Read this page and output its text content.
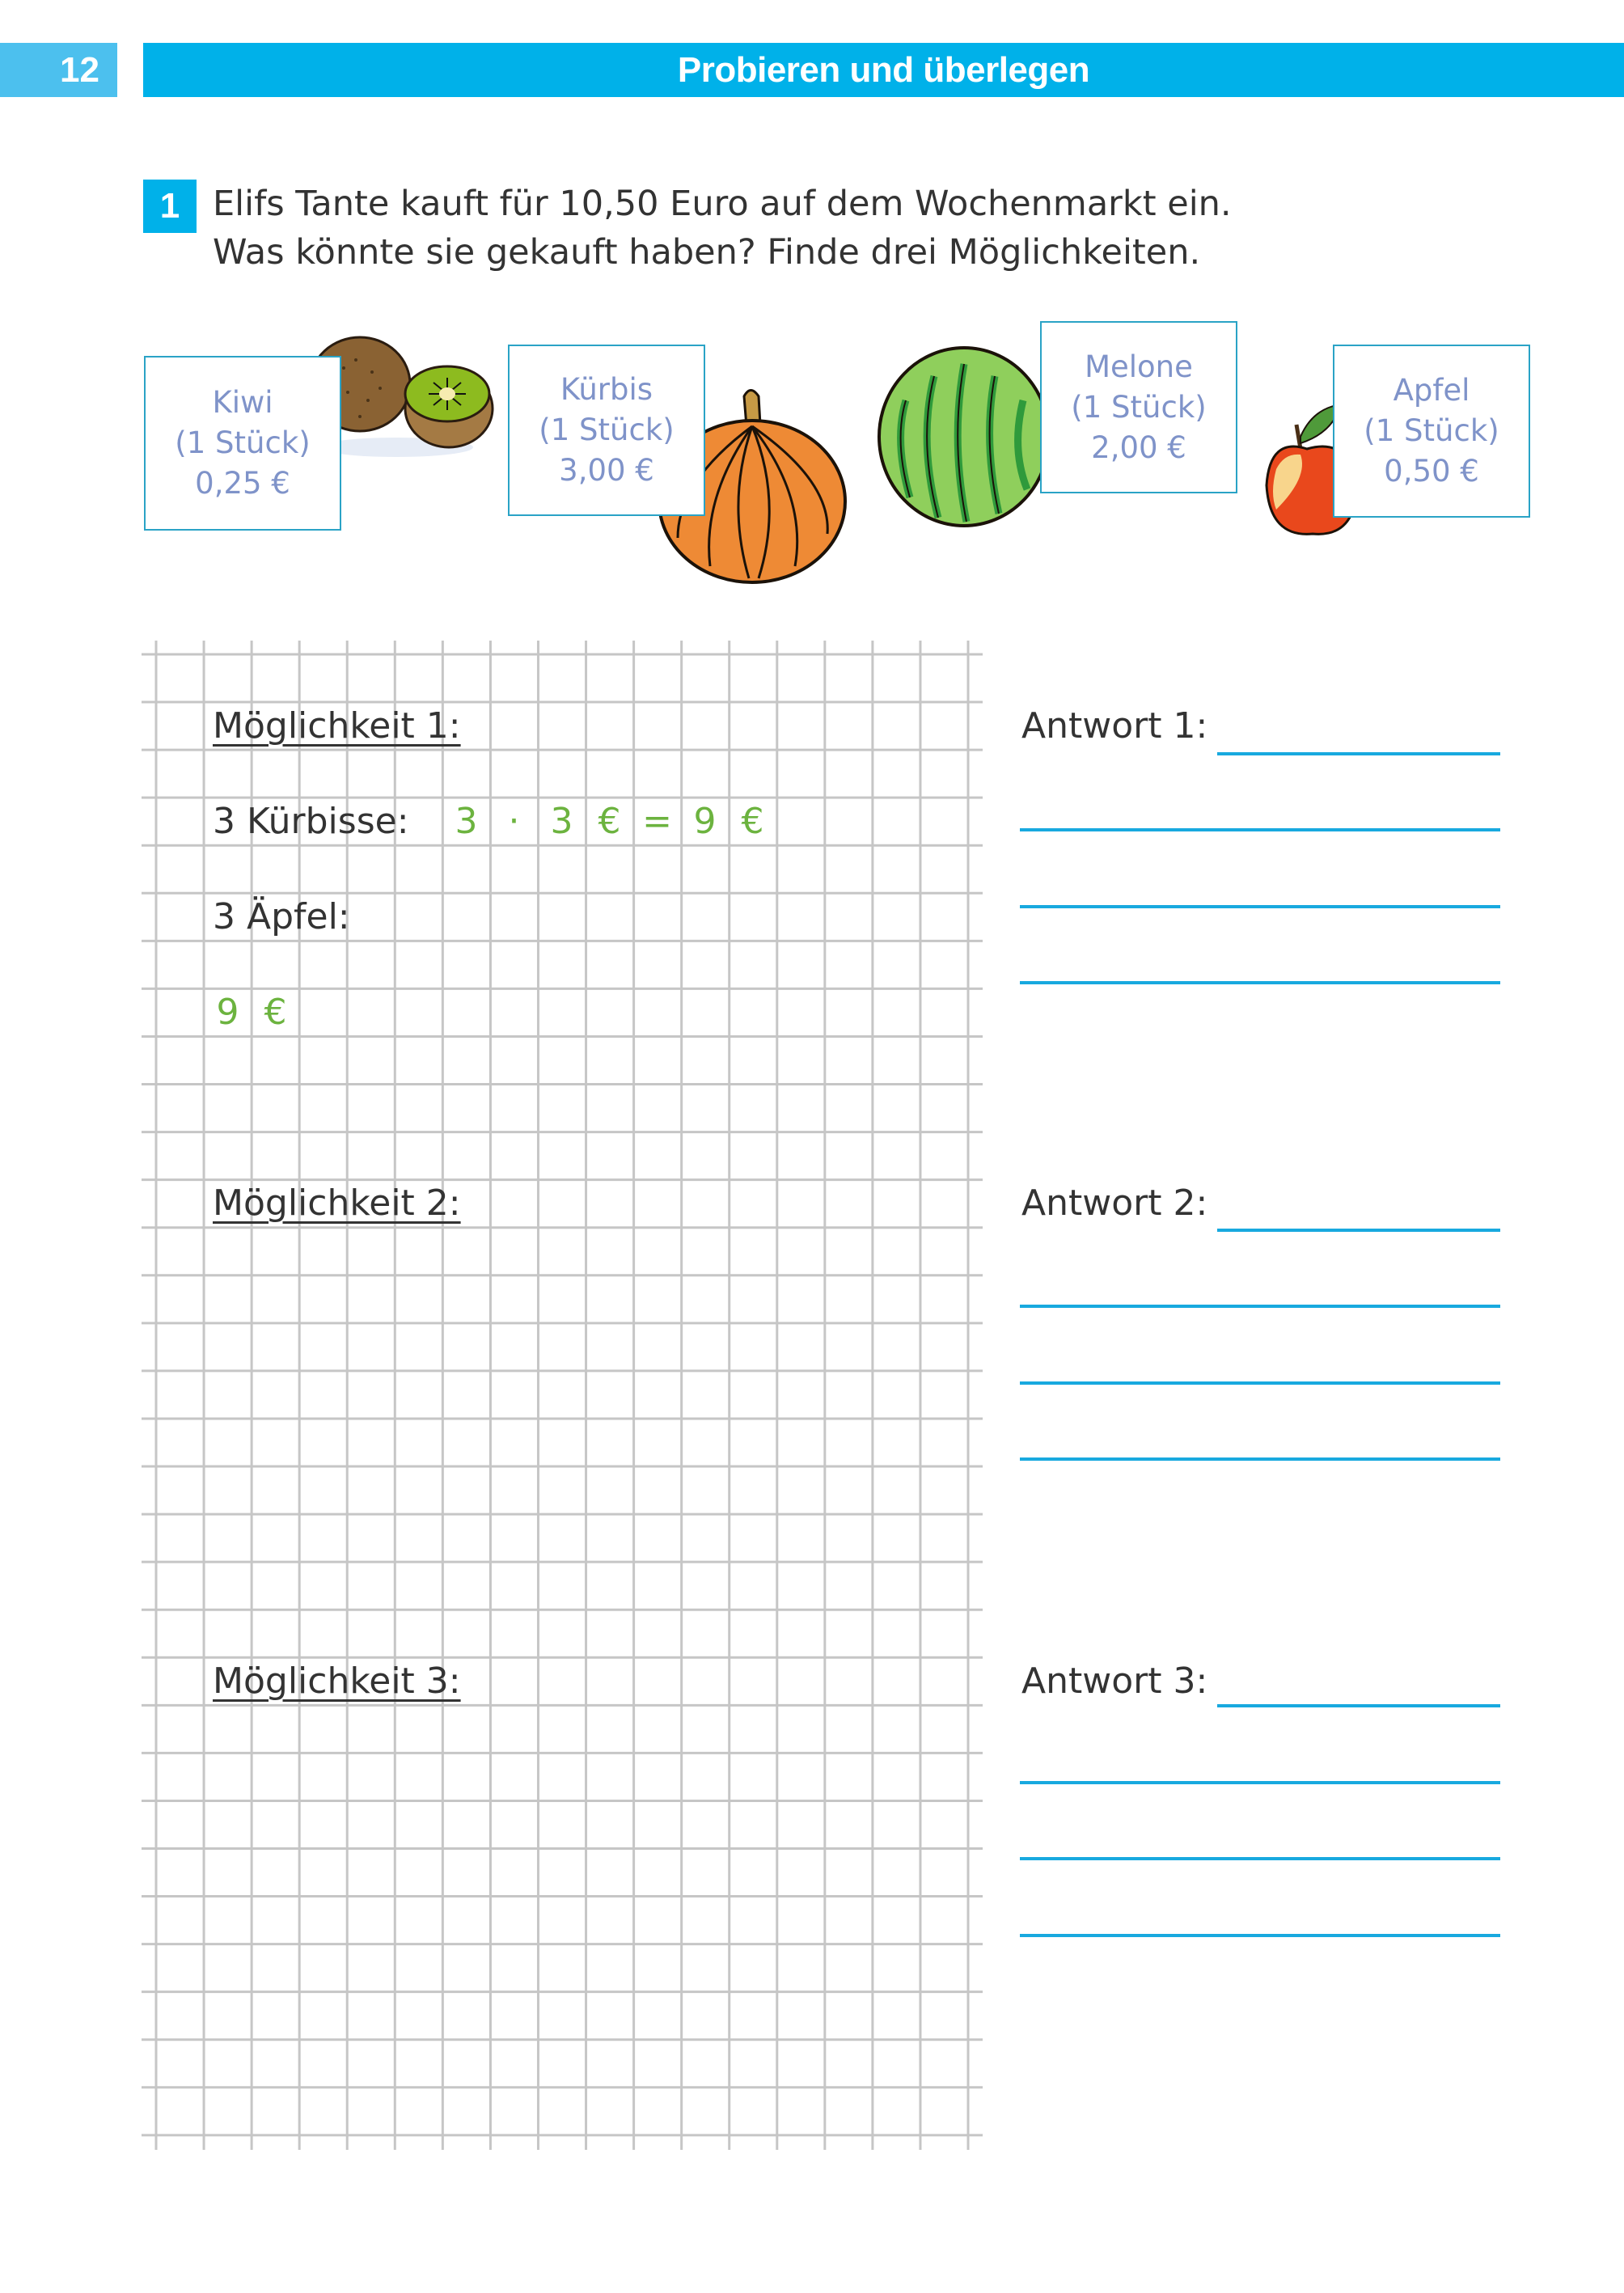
12	Probieren und überlegen
1 Elifs Tante kauft für 10,50 Euro auf dem Wochenmarkt ein.
Was könnte sie gekauft haben? Finde drei Möglichkeiten.
Kiwi
(1 Stück)
0,25 €
Kürbis
(1 Stück)
3,00 €
Melone
(1 Stück)
2,00 €
Apfel
(1 Stück)
0,50 €
Möglichkeit 1:
3 Kürbisse:	3 · 3 € = 9 €
3 Äpfel:
9 €
Möglichkeit 2:
Möglichkeit 3:
Antwort 1:
Antwort 2:
Antwort 3:
